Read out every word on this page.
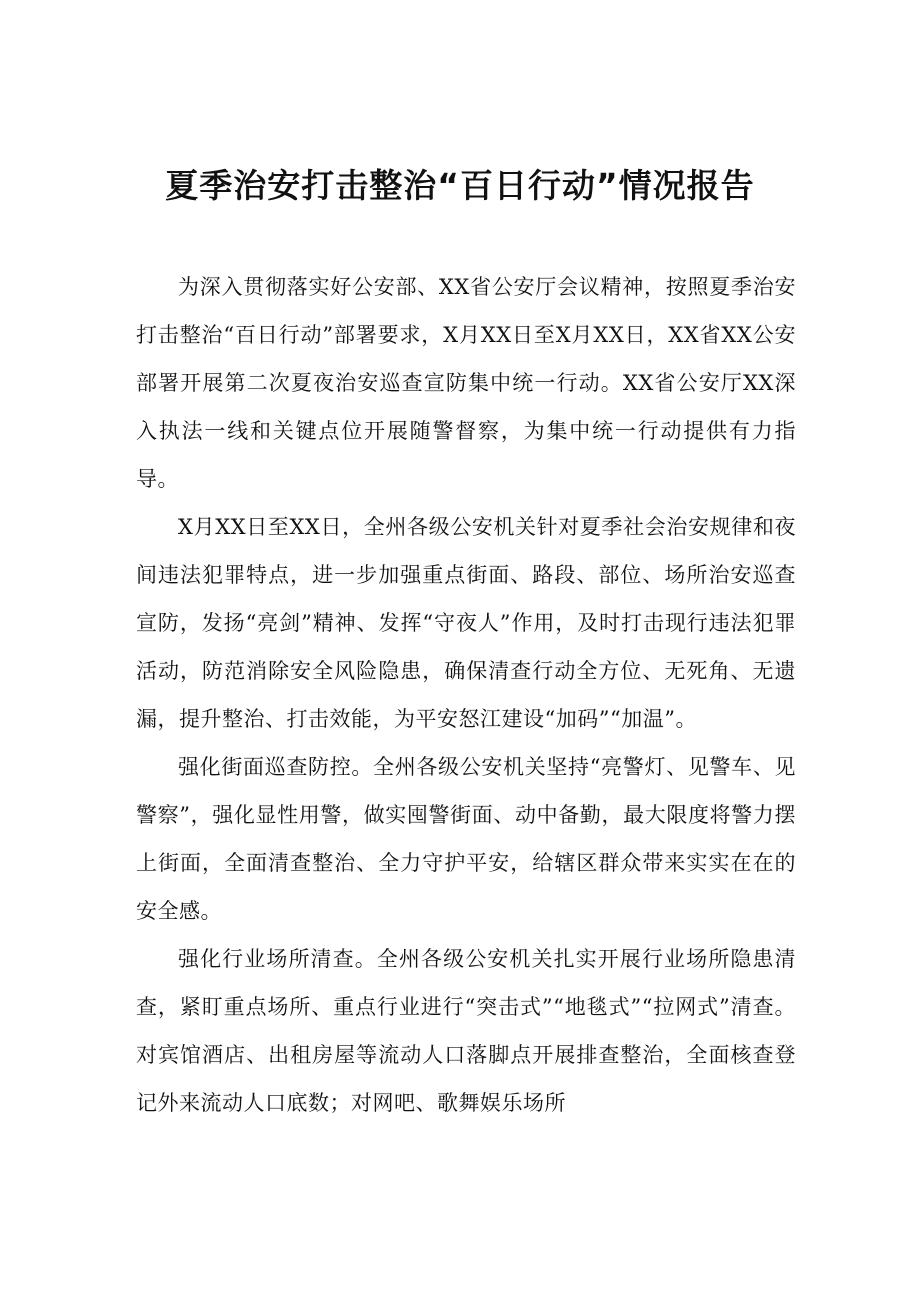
夏季治安打击整治“百日行动”情况报告

为深入贯彻落实好公安部、XX省公安厅会议精神，按照夏季治安打击整治“百日行动”部署要求，X月XX日至X月XX日，XX省XX公安部署开展第二次夏夜治安巡查宣防集中统一行动。XX省公安厅XX深入执法一线和关键点位开展随警督察，为集中统一行动提供有力指导。

X月XX日至XX日，全州各级公安机关针对夏季社会治安规律和夜间违法犯罪特点，进一步加强重点街面、路段、部位、场所治安巡查宣防，发扬“亮剑”精神、发挥“守夜人”作用，及时打击现行违法犯罪活动，防范消除安全风险隐患，确保清查行动全方位、无死角、无遗漏，提升整治、打击效能，为平安怒江建设“加码”“加温”。

强化街面巡查防控。全州各级公安机关坚持“亮警灯、见警车、见警察”，强化显性用警，做实囤警街面、动中备勤，最大限度将警力摆上街面，全面清查整治、全力守护平安，给辖区群众带来实实在在的安全感。

强化行业场所清查。全州各级公安机关扎实开展行业场所隐患清查，紧盯重点场所、重点行业进行“突击式”“地毯式”“拉网式”清查。对宾馆酒店、出租房屋等流动人口落脚点开展排查整治，全面核查登记外来流动人口底数；对网吧、歌舞娱乐场所
